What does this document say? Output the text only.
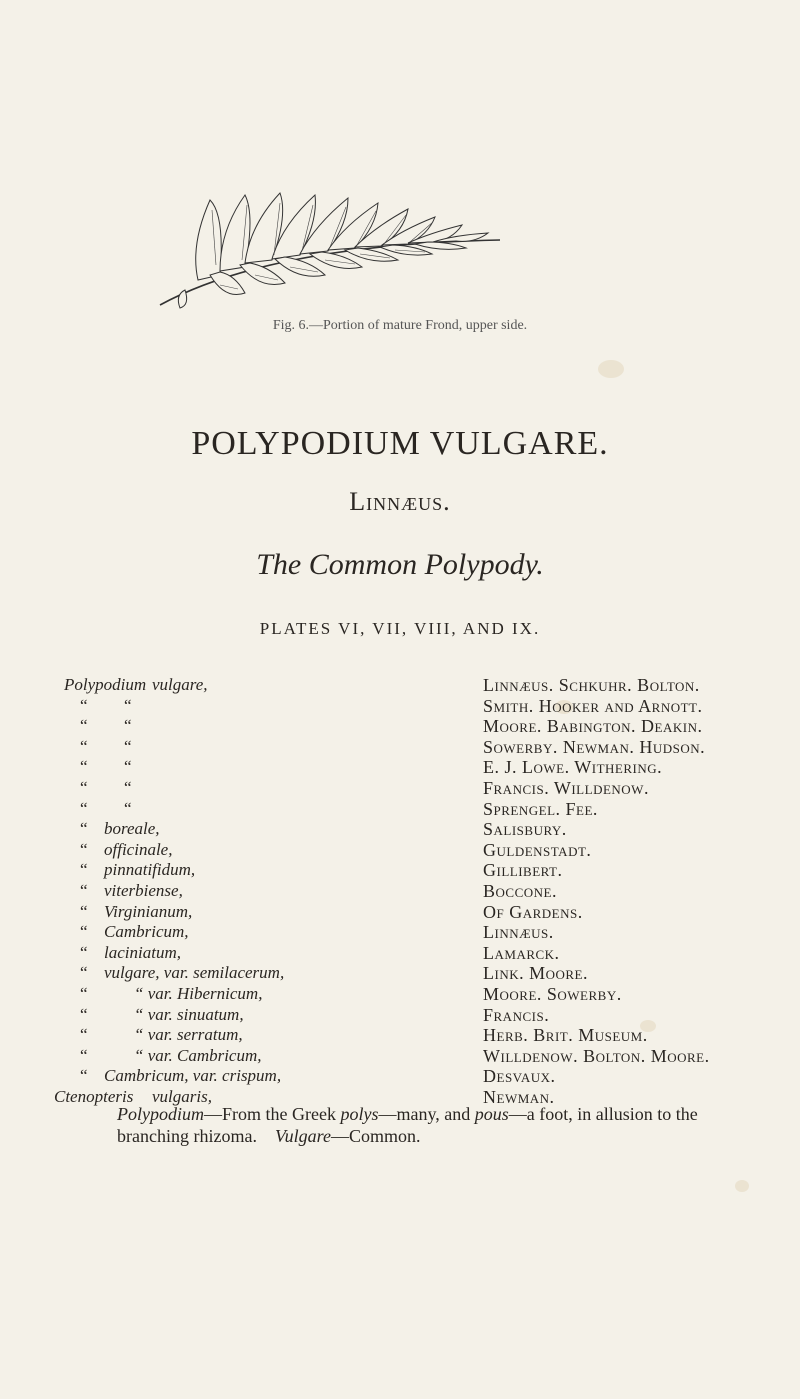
Fig. 6.—Portion of mature Frond, upper side.
POLYPODIUM VULGARE.
Linnæus.
The Common Polypody.
PLATES VI, VII, VIII, AND IX.
Polypodium vulgare,	Linnæus. Schkuhr. Bolton.
“ “	Smith. Hooker and Arnott.
“ “	Moore. Babington. Deakin.
“ “	Sowerby. Newman. Hudson.
“ “	E. J. Lowe. Withering.
“ “	Francis. Willdenow.
“ “	Sprengel. Fee.
“ boreale,	Salisbury.
“ officinale,	Guldenstadt.
“ pinnatifidum,	Gillibert.
“ viterbiense,	Boccone.
“ Virginianum,	Of Gardens.
“ Cambricum,	Linnæus.
“ laciniatum,	Lamarck.
“ vulgare, var. semilacerum,	Link. Moore.
“	“ var. Hibernicum,	Moore. Sowerby.
“	“ var. sinuatum,	Francis.
“	“ var. serratum,	Herb. Brit. Museum.
“	“ var. Cambricum,	Willdenow. Bolton. Moore.
“ Cambricum, var. crispum,	Desvaux.
Ctenopteris vulgaris,	Newman.
Polypodium—From the Greek polys—many, and pous—a foot, in allusion to the branching rhizoma. Vulgare—Common.
